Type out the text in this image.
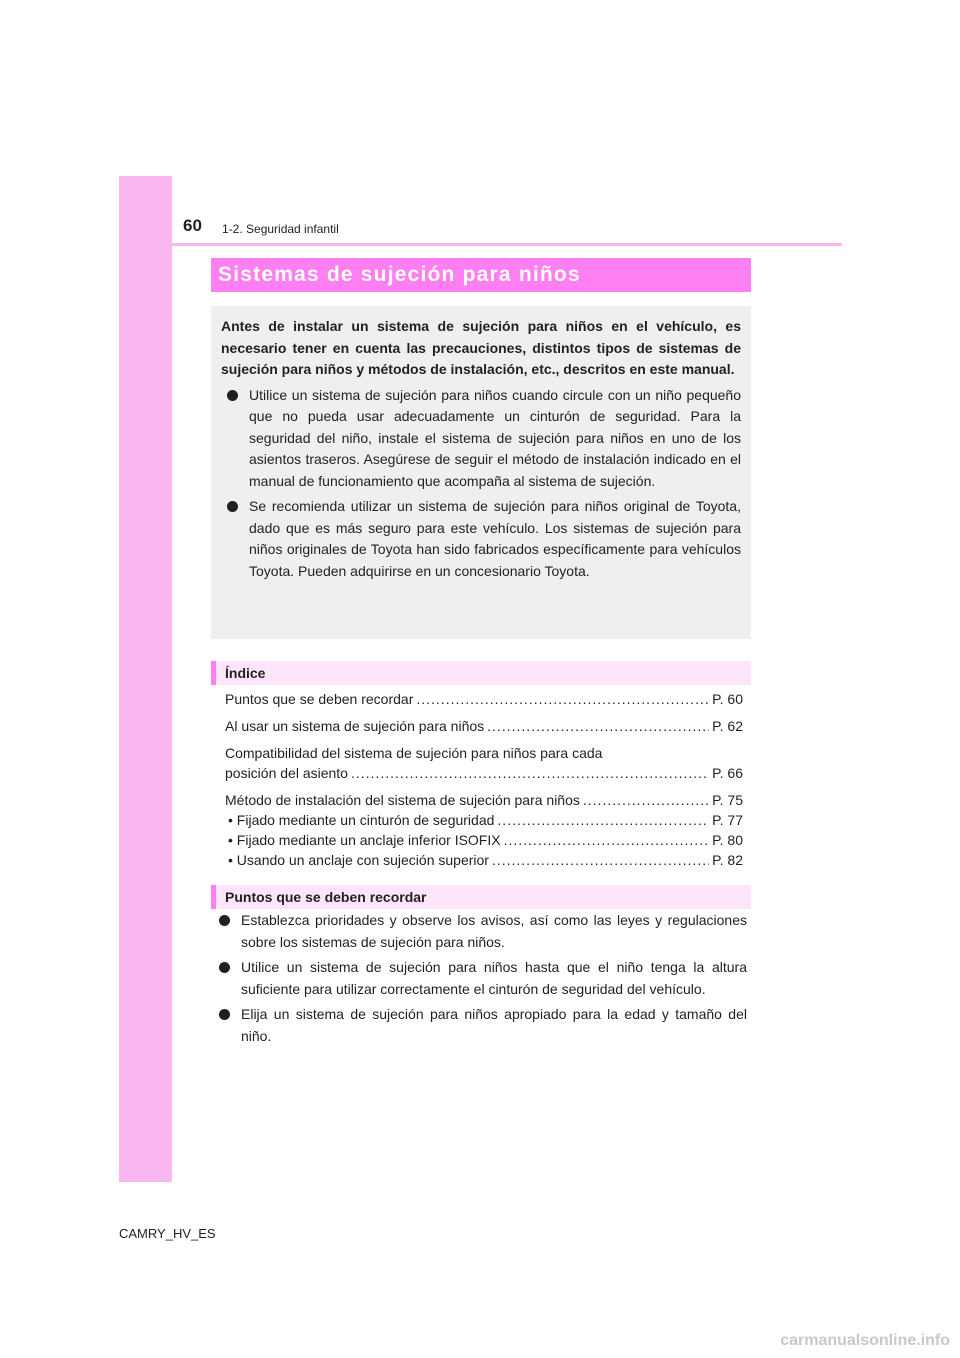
60 1-2. Seguridad infantil
Sistemas de sujeción para niños

Antes de instalar un sistema de sujeción para niños en el vehículo, es necesario tener en cuenta las precauciones, distintos tipos de sistemas de sujeción para niños y métodos de instalación, etc., descritos en este manual.

Utilice un sistema de sujeción para niños cuando circule con un niño pequeño que no pueda usar adecuadamente un cinturón de seguridad. Para la seguridad del niño, instale el sistema de sujeción para niños en uno de los asientos traseros. Asegúrese de seguir el método de instalación indicado en el manual de funcionamiento que acompaña al sistema de sujeción.
Se recomienda utilizar un sistema de sujeción para niños original de Toyota, dado que es más seguro para este vehículo. Los sistemas de sujeción para niños originales de Toyota han sido fabricados específicamente para vehículos Toyota. Pueden adquirirse en un concesionario Toyota.
Índice
Puntos que se deben recordar .....	P. 60
Al usar un sistema de sujeción para niños .....	P. 62
Compatibilidad del sistema de sujeción para niños para cada
posición del asiento .....	P. 66
Método de instalación del sistema de sujeción para niños .....	P. 75
• Fijado mediante un cinturón de seguridad .....	P. 77
• Fijado mediante un anclaje inferior ISOFIX .....	P. 80
• Usando un anclaje con sujeción superior .....	P. 82
Puntos que se deben recordar
Establezca prioridades y observe los avisos, así como las leyes y regulaciones sobre los sistemas de sujeción para niños.
Utilice un sistema de sujeción para niños hasta que el niño tenga la altura suficiente para utilizar correctamente el cinturón de seguridad del vehículo.
Elija un sistema de sujeción para niños apropiado para la edad y tamaño del niño.
CAMRY_HV_ES
carmanualsonline.info
